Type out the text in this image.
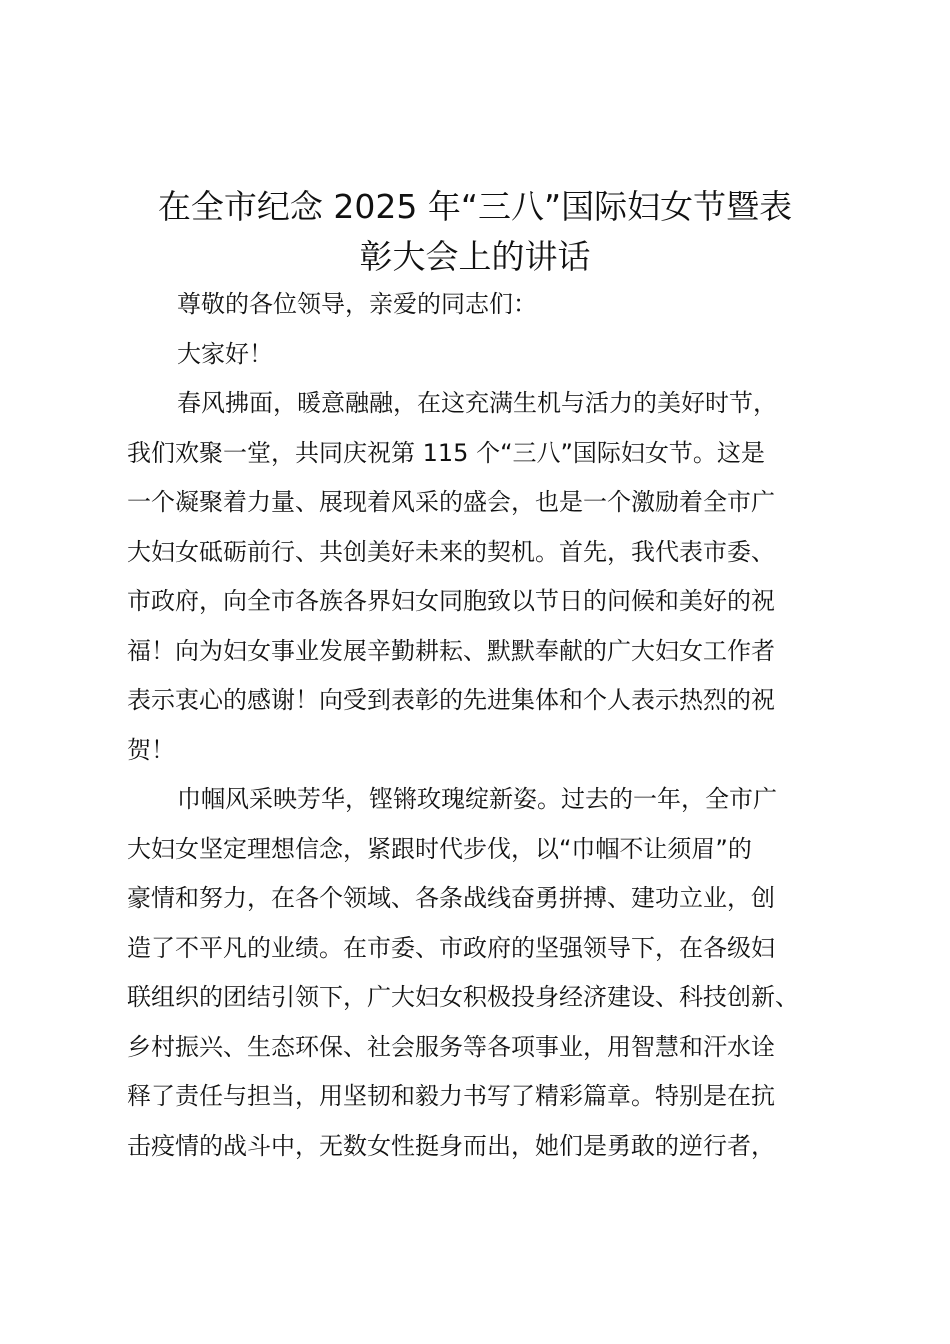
在全市纪念 2025 年“三八”国际妇女节暨表
彰大会上的讲话
尊敬的各位领导，亲爱的同志们：
大家好！
春风拂面，暖意融融，在这充满生机与活力的美好时节，
我们欢聚一堂，共同庆祝第 115 个“三八”国际妇女节。这是
一个凝聚着力量、展现着风采的盛会，也是一个激励着全市广
大妇女砥砺前行、共创美好未来的契机。首先，我代表市委、
市政府，向全市各族各界妇女同胞致以节日的问候和美好的祝
福！向为妇女事业发展辛勤耕耘、默默奉献的广大妇女工作者
表示衷心的感谢！向受到表彰的先进集体和个人表示热烈的祝
贺！
巾帼风采映芳华，铿锵玫瑰绽新姿。过去的一年，全市广
大妇女坚定理想信念，紧跟时代步伐，以“巾帼不让须眉”的
豪情和努力，在各个领域、各条战线奋勇拼搏、建功立业，创
造了不平凡的业绩。在市委、市政府的坚强领导下，在各级妇
联组织的团结引领下，广大妇女积极投身经济建设、科技创新、
乡村振兴、生态环保、社会服务等各项事业，用智慧和汗水诠
释了责任与担当，用坚韧和毅力书写了精彩篇章。特别是在抗
击疫情的战斗中，无数女性挺身而出，她们是勇敢的逆行者，
